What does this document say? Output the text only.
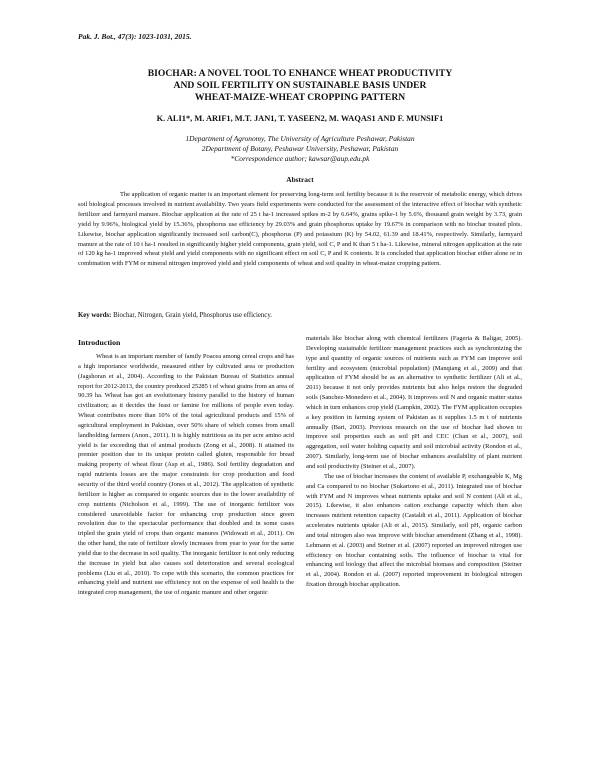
Pak. J. Bot., 47(3): 1023-1031, 2015.
BIOCHAR: A NOVEL TOOL TO ENHANCE WHEAT PRODUCTIVITY
AND SOIL FERTILITY ON SUSTAINABLE BASIS UNDER
WHEAT-MAIZE-WHEAT CROPPING PATTERN
K. ALI1*, M. ARIF1, M.T. JAN1, T. YASEEN2, M. WAQAS1 AND F. MUNSIF1
1Department of Agronomy, The University of Agriculture Peshawar, Pakistan
2Department of Botany, Peshawar University, Peshawar, Pakistan
*Correspondence author; kawsar@aup.edu.pk
Abstract

The application of organic matter is an important element for preserving long-term soil fertility because it is the reservoir of metabolic energy, which drives soil biological processes involved in nutrient availability. Two years field experiments were conducted for the assessment of the interactive effect of biochar with synthetic fertilizer and farmyard manure. Biochar application at the rate of 25 t ha-1 increased spikes m-2 by 6.64%, grains spike-1 by 5.6%, thousand grain weight by 3.73, grain yield by 9.96%, biological yield by 15.36%, phosphorus use efficiency by 29.03% and grain phosphorus uptake by 19.67% in comparison with no biochar treated plots. Likewise, biochar application significantly increased soil carbon(C), phosphorus (P) and potassium (K) by 54.02, 61.39 and 18.41%, respectively. Similarly, farmyard manure at the rate of 10 t ha-1 resulted in significantly higher yield components, grain yield, soil C, P and K than 5 t ha-1. Likewise, mineral nitrogen application at the rate of 120 kg ha-1 improved wheat yield and yield components with no significant effect on soil C, P and K contents. It is concluded that application biochar either alone or in combination with FYM or mineral nitrogen improved yield and yield components of wheat and soil quality in wheat-maize cropping pattern.

Key words: Biochar, Nitrogen, Grain yield, Phosphorus use efficiency.
Introduction

Wheat is an important member of family Poacea among cereal crops and has a high importance worldwide, measured either by cultivated area or production (Jagshoran et al., 2004). According to the Pakistan Bureau of Statistics annual report for 2012-2013, the country produced 25285 t of wheat grains from an area of 90.39 ha. Wheat has got an evolutionary history parallel to the history of human civilization; as it decides the feast or famine for millions of people even today. Wheat contributes more than 10% of the total agricultural products and 15% of agricultural employment in Pakistan, over 50% share of which comes from small landholding farmers (Anon., 2011). It is highly nutritious as its per acre amino acid yield is far exceeding that of animal products (Zong et al., 2008). It attained its premier position due to its unique protein called gluten, responsible for bread making property of wheat flour (Asp et al., 1986). Soil fertility degradation and rapid nutrients losses are the major constraints for crop production and food security of the third world country (Jones et al., 2012). The application of synthetic fertilizer is higher as compared to organic sources due to the lower availability of crop nutrients (Nicholson et al., 1999). The use of inorganic fertilizer was considered unavoidable factor for enhancing crop production since green revolution due to the spectacular performance that doubled and in some cases tripled the grain yield of crops than organic manures (Widowati et al., 2011). On the other hand, the rate of fertilizer slowly increases from year to year for the same yield due to the decrease in soil quality. The inorganic fertilizer is not only reducing the increase in yield but also causes soil deterioration and several ecological problems (Liu et al., 2010). To cope with this scenario, the common practices for enhancing yield and nutrient use efficiency not on the expense of soil health is the integrated crop management, the use of organic manure and other organic

materials like biochar along with chemical fertilizers (Fageria & Baligar, 2005). Developing sustainable fertilizer management practices such as synchronizing the type and quantity of organic sources of nutrients such as FYM can improve soil fertility and ecosystem (microbial population) (Manqiang et al., 2009) and that application of FYM should be as an alternative to synthetic fertilizer (Ali et al., 2011) because it not only provides nutrients but also helps restore the degraded soils (Sanchez-Monedero et al., 2004). It improves soil N and organic matter status which in turn enhances crop yield (Lampkin, 2002). The FYM application occupies a key position in farming system of Pakistan as it supplies 1.5 m t of nutrients annually (Bari, 2003). Previous research on the use of biochar had shown to improve soil properties such as soil pH and CEC (Chan et al., 2007), soil aggregation, soil water holding capacity and soil microbial activity (Rondon et al., 2007). Similarly, long-term use of biochar enhances availability of plant nutrient and soil productivity (Steiner et al., 2007).

The use of biochar increases the content of available P, exchangeable K, Mg and Ca compared to no biochar (Sukartono et al., 2011). Integrated use of biochar with FYM and N improves wheat nutrients uptake and soil N content (Ali et al., 2015). Likewise, it also enhances cation exchange capacity which then also increases nutrient retention capacity (Castaldi et al., 2011). Application of biochar accelerates nutrients uptake (Ali et al., 2015). Similarly, soil pH, organic carbon and total nitrogen also was improve with biochar amendment (Zhang et al., 1998). Lehmann et al. (2003) and Steiner et al. (2007) reported an improved nitrogen use efficiency on biochar containing soils. The influence of biochar is vital for enhancing soil biology that affect the microbial biomass and composition (Steiner et al., 2004). Rondon et al. (2007) reported improvement in biological nitrogen fixation through biochar application.
